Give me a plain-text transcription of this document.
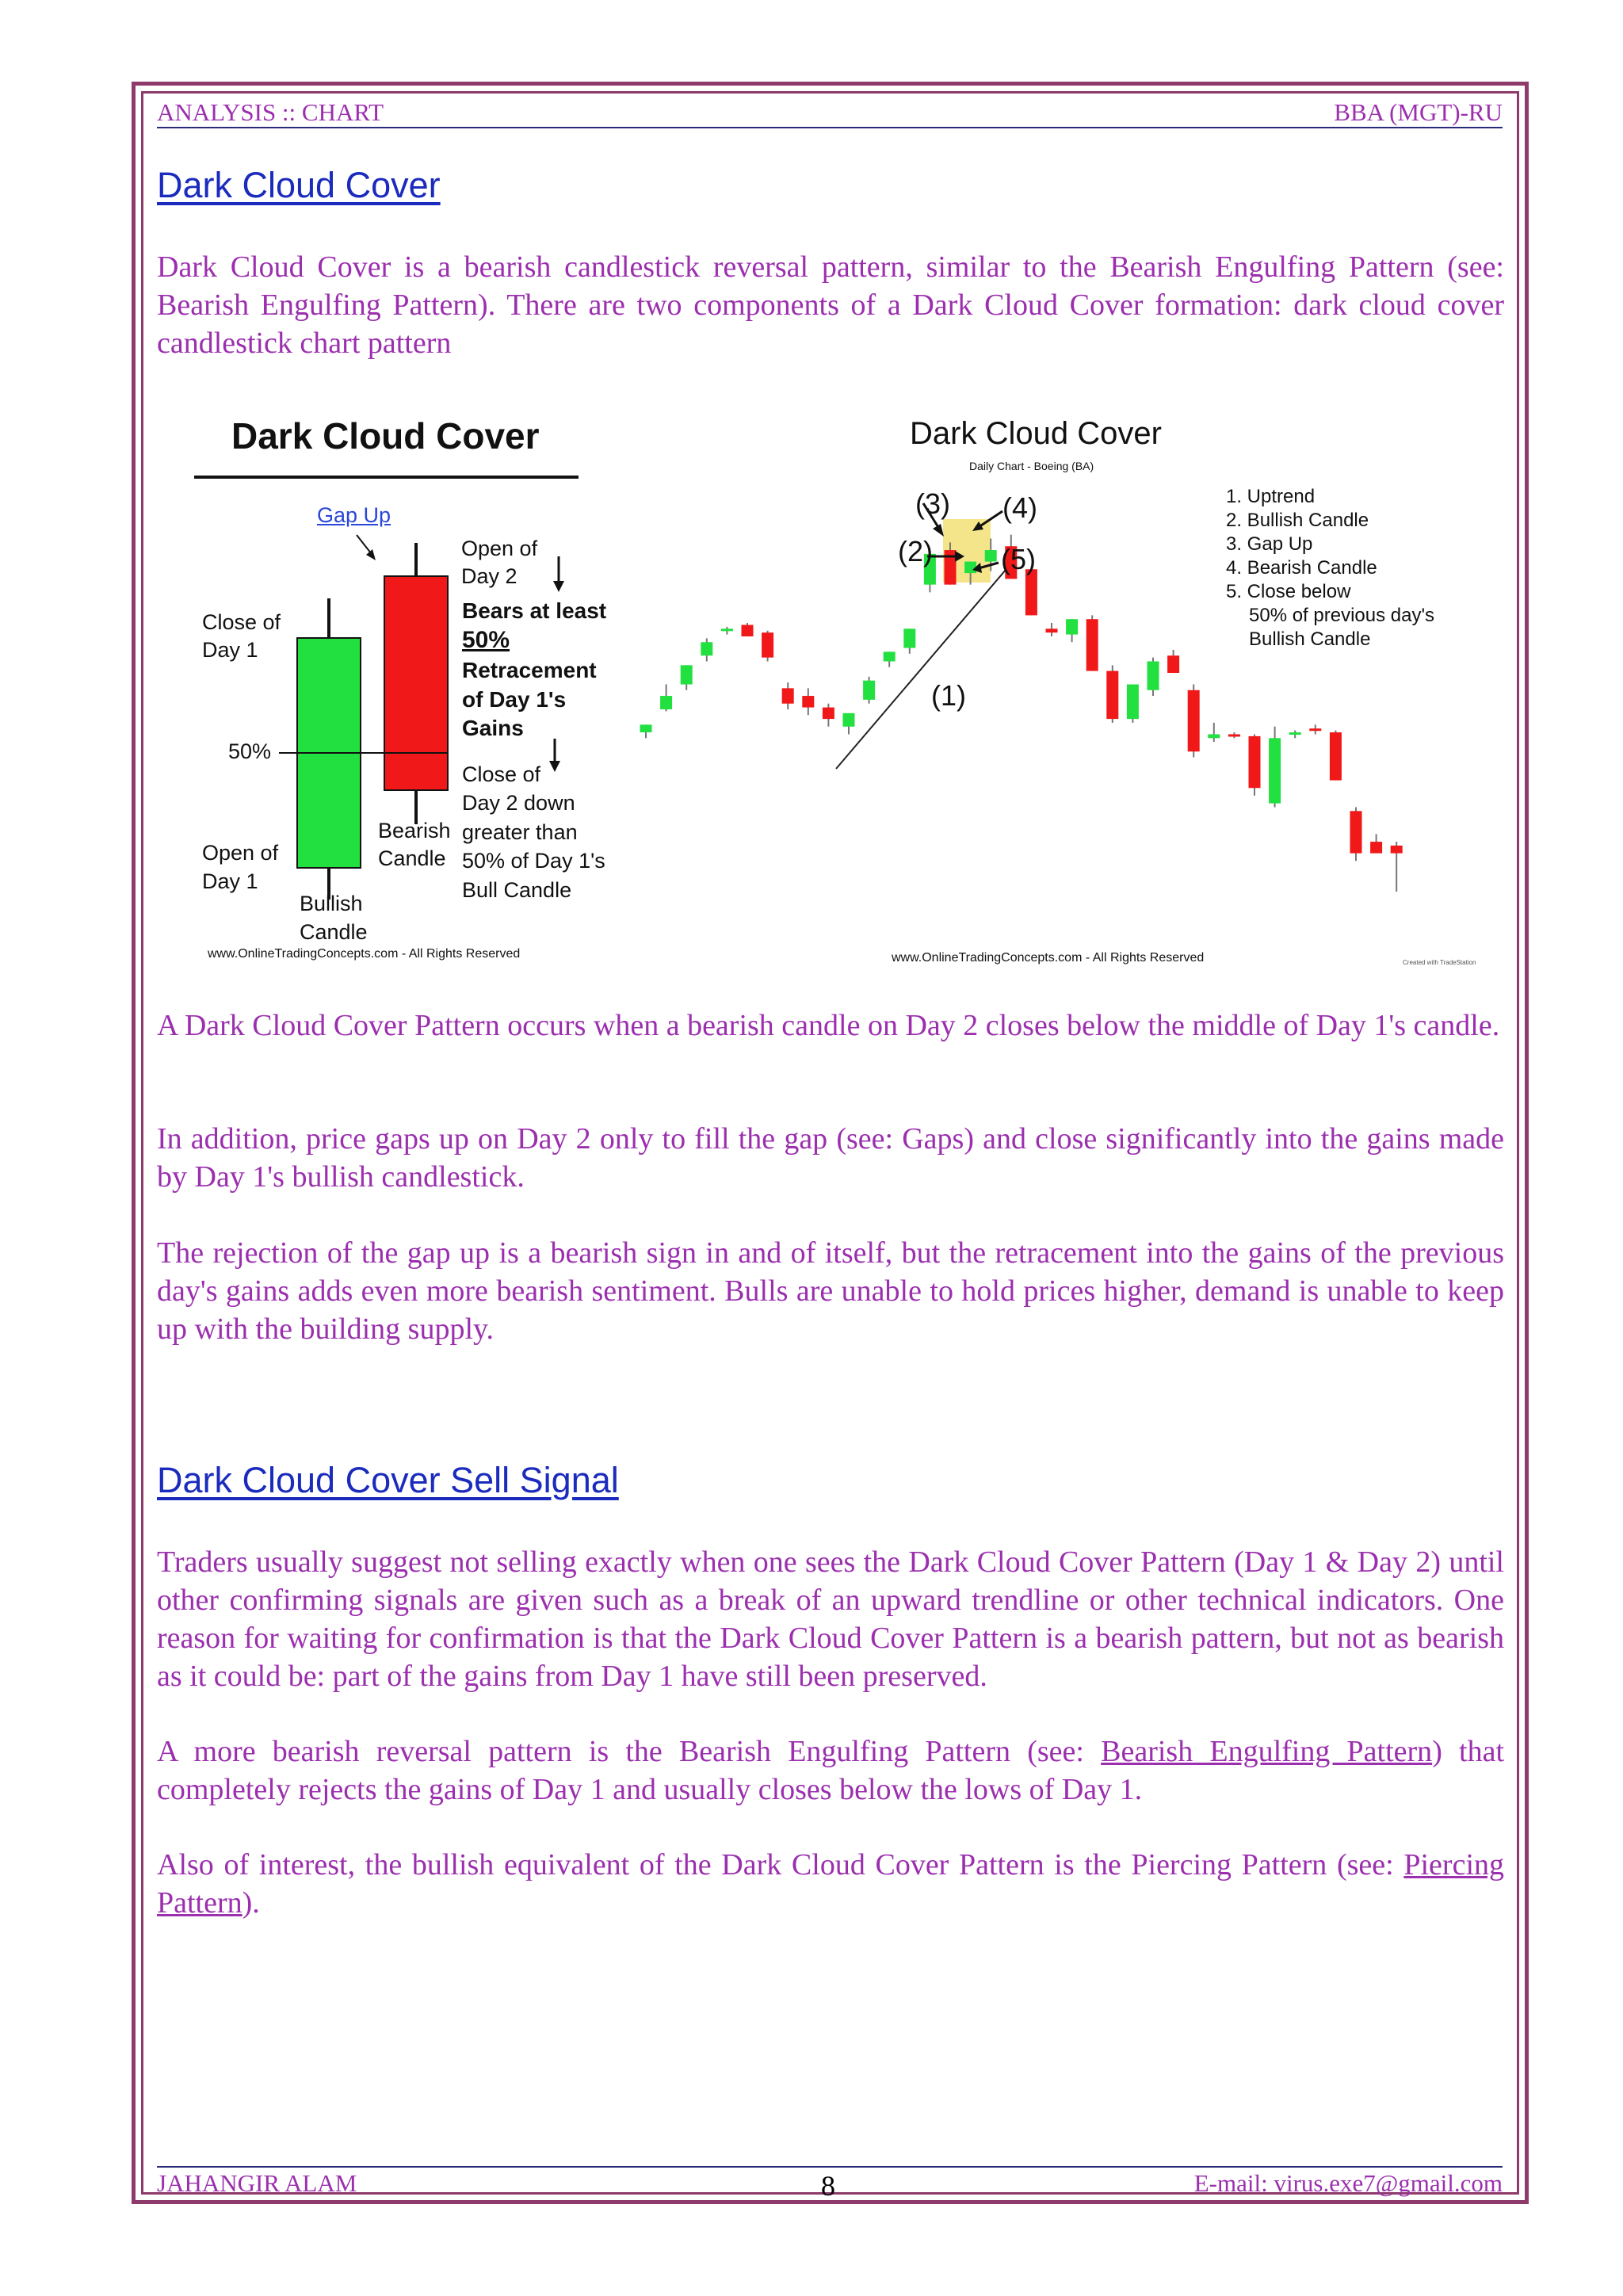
ANALYSIS :: CHART	BBA (MGT)-RU
Dark Cloud Cover
Dark Cloud Cover is a bearish candlestick reversal pattern, similar to the Bearish Engulfing Pattern (see: Bearish Engulfing Pattern). There are two components of a Dark Cloud Cover formation: dark cloud cover candlestick chart pattern
Dark Cloud Cover
Gap Up
Open of
Day 2
Bears at least
50%
Retracement
of Day 1's
Gains
Close of
Day 1
50%
Close of
Day 2 down
greater than
50% of Day 1's
Bull Candle
Bearish
Candle
Open of
Day 1
Bullish
Candle
www.OnlineTradingConcepts.com - All Rights Reserved
Dark Cloud Cover
Daily Chart - Boeing (BA)
(1)
(2)
(3) (4)
(5)
1. Uptrend
2. Bullish Candle
3. Gap Up
4. Bearish Candle
5. Close below
50% of previous day's
Bullish Candle
www.OnlineTradingConcepts.com - All Rights Reserved	Created with TradeStation
A Dark Cloud Cover Pattern occurs when a bearish candle on Day 2 closes below the middle of Day 1's candle.
In addition, price gaps up on Day 2 only to fill the gap (see: Gaps) and close significantly into the gains made by Day 1's bullish candlestick.
The rejection of the gap up is a bearish sign in and of itself, but the retracement into the gains of the previous day's gains adds even more bearish sentiment. Bulls are unable to hold prices higher, demand is unable to keep up with the building supply.
Dark Cloud Cover Sell Signal
Traders usually suggest not selling exactly when one sees the Dark Cloud Cover Pattern (Day 1 & Day 2) until other confirming signals are given such as a break of an upward trendline or other technical indicators. One reason for waiting for confirmation is that the Dark Cloud Cover Pattern is a bearish pattern, but not as bearish as it could be: part of the gains from Day 1 have still been preserved.
A more bearish reversal pattern is the Bearish Engulfing Pattern (see: Bearish Engulfing Pattern) that completely rejects the gains of Day 1 and usually closes below the lows of Day 1.
Also of interest, the bullish equivalent of the Dark Cloud Cover Pattern is the Piercing Pattern (see: Piercing Pattern).
JAHANGIR ALAM	8	E-mail: virus.exe7@gmail.com
